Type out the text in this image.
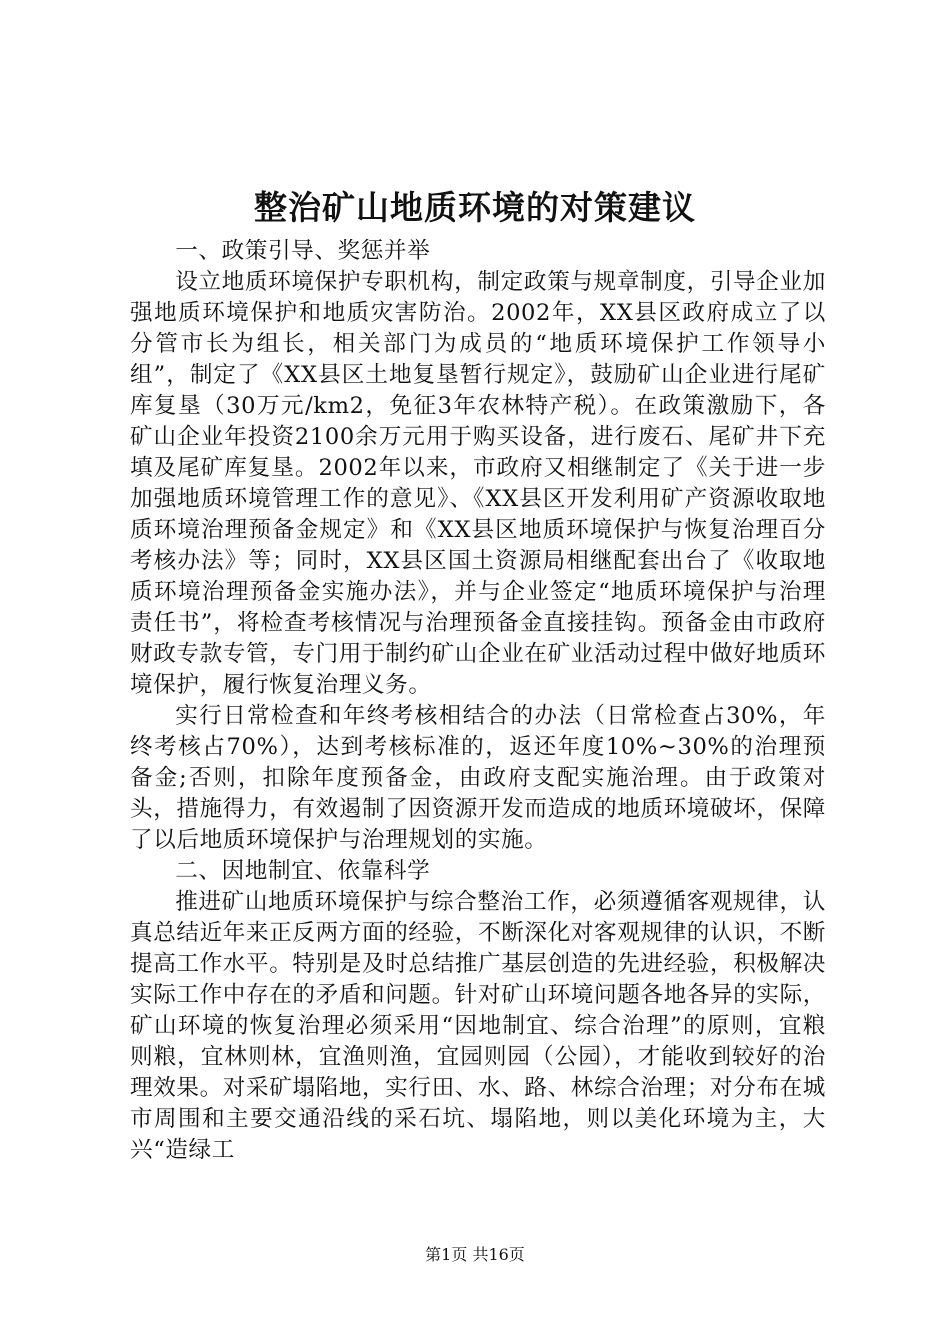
整治矿山地质环境的对策建议

一、政策引导、奖惩并举

设立地质环境保护专职机构，制定政策与规章制度，引导企业加强地质环境保护和地质灾害防治。2002年，XX县区政府成立了以分管市长为组长，相关部门为成员的“地质环境保护工作领导小组”，制定了《XX县区土地复垦暂行规定》，鼓励矿山企业进行尾矿库复垦（30万元/km2，免征3年农林特产税）。在政策激励下，各矿山企业年投资2100余万元用于购买设备，进行废石、尾矿井下充填及尾矿库复垦。2002年以来，市政府又相继制定了《关于进一步加强地质环境管理工作的意见》、《XX县区开发利用矿产资源收取地质环境治理预备金规定》和《XX县区地质环境保护与恢复治理百分考核办法》等；同时，XX县区国土资源局相继配套出台了《收取地质环境治理预备金实施办法》，并与企业签定“地质环境保护与治理责任书”，将检查考核情况与治理预备金直接挂钩。预备金由市政府财政专款专管，专门用于制约矿山企业在矿业活动过程中做好地质环境保护，履行恢复治理义务。

实行日常检查和年终考核相结合的办法（日常检查占30%，年终考核占70%），达到考核标准的，返还年度10%~30%的治理预备金;否则，扣除年度预备金，由政府支配实施治理。由于政策对头，措施得力，有效遏制了因资源开发而造成的地质环境破坏，保障了以后地质环境保护与治理规划的实施。

二、因地制宜、依靠科学

推进矿山地质环境保护与综合整治工作，必须遵循客观规律，认真总结近年来正反两方面的经验，不断深化对客观规律的认识，不断提高工作水平。特别是及时总结推广基层创造的先进经验，积极解决实际工作中存在的矛盾和问题。针对矿山环境问题各地各异的实际，矿山环境的恢复治理必须采用“因地制宜、综合治理”的原则，宜粮则粮，宜林则林，宜渔则渔，宜园则园（公园），才能收到较好的治理效果。对采矿塌陷地，实行田、水、路、林综合治理；对分布在城市周围和主要交通沿线的采石坑、塌陷地，则以美化环境为主，大兴“造绿工

第1页 共16页
